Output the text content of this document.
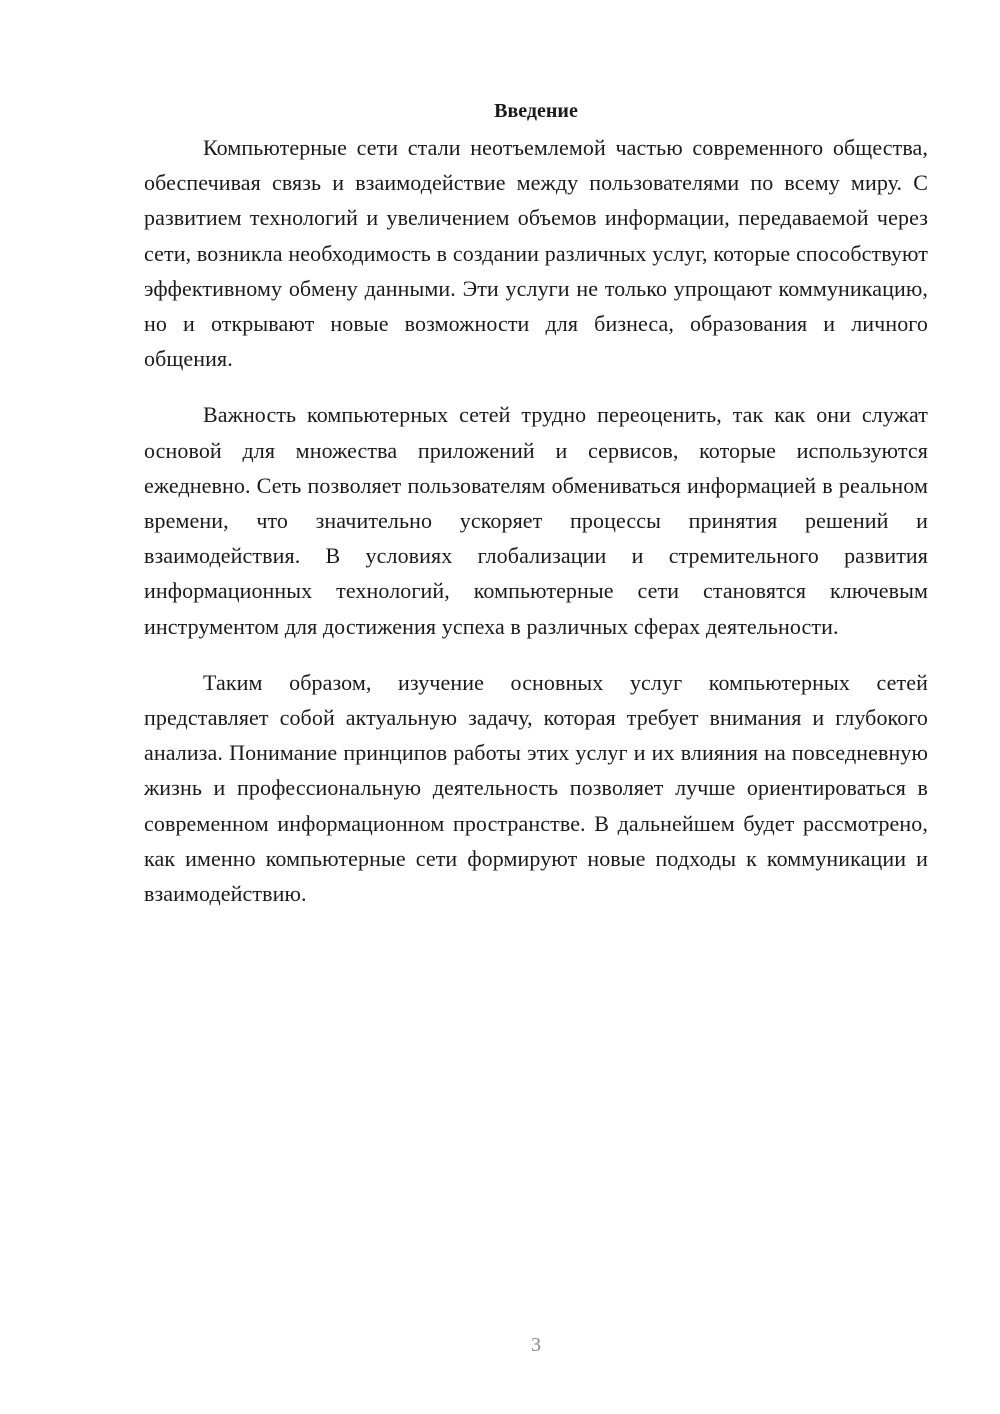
Введение

Компьютерные сети стали неотъемлемой частью современного общества, обеспечивая связь и взаимодействие между пользователями по всему миру. С развитием технологий и увеличением объемов информации, передаваемой через сети, возникла необходимость в создании различных услуг, которые способствуют эффективному обмену данными. Эти услуги не только упрощают коммуникацию, но и открывают новые возможности для бизнеса, образования и личного общения.

Важность компьютерных сетей трудно переоценить, так как они служат основой для множества приложений и сервисов, которые используются ежедневно. Сеть позволяет пользователям обмениваться информацией в реальном времени, что значительно ускоряет процессы принятия решений и взаимодействия. В условиях глобализации и стремительного развития информационных технологий, компьютерные сети становятся ключевым инструментом для достижения успеха в различных сферах деятельности.

Таким образом, изучение основных услуг компьютерных сетей представляет собой актуальную задачу, которая требует внимания и глубокого анализа. Понимание принципов работы этих услуг и их влияния на повседневную жизнь и профессиональную деятельность позволяет лучше ориентироваться в современном информационном пространстве. В дальнейшем будет рассмотрено, как именно компьютерные сети формируют новые подходы к коммуникации и взаимодействию.

3
